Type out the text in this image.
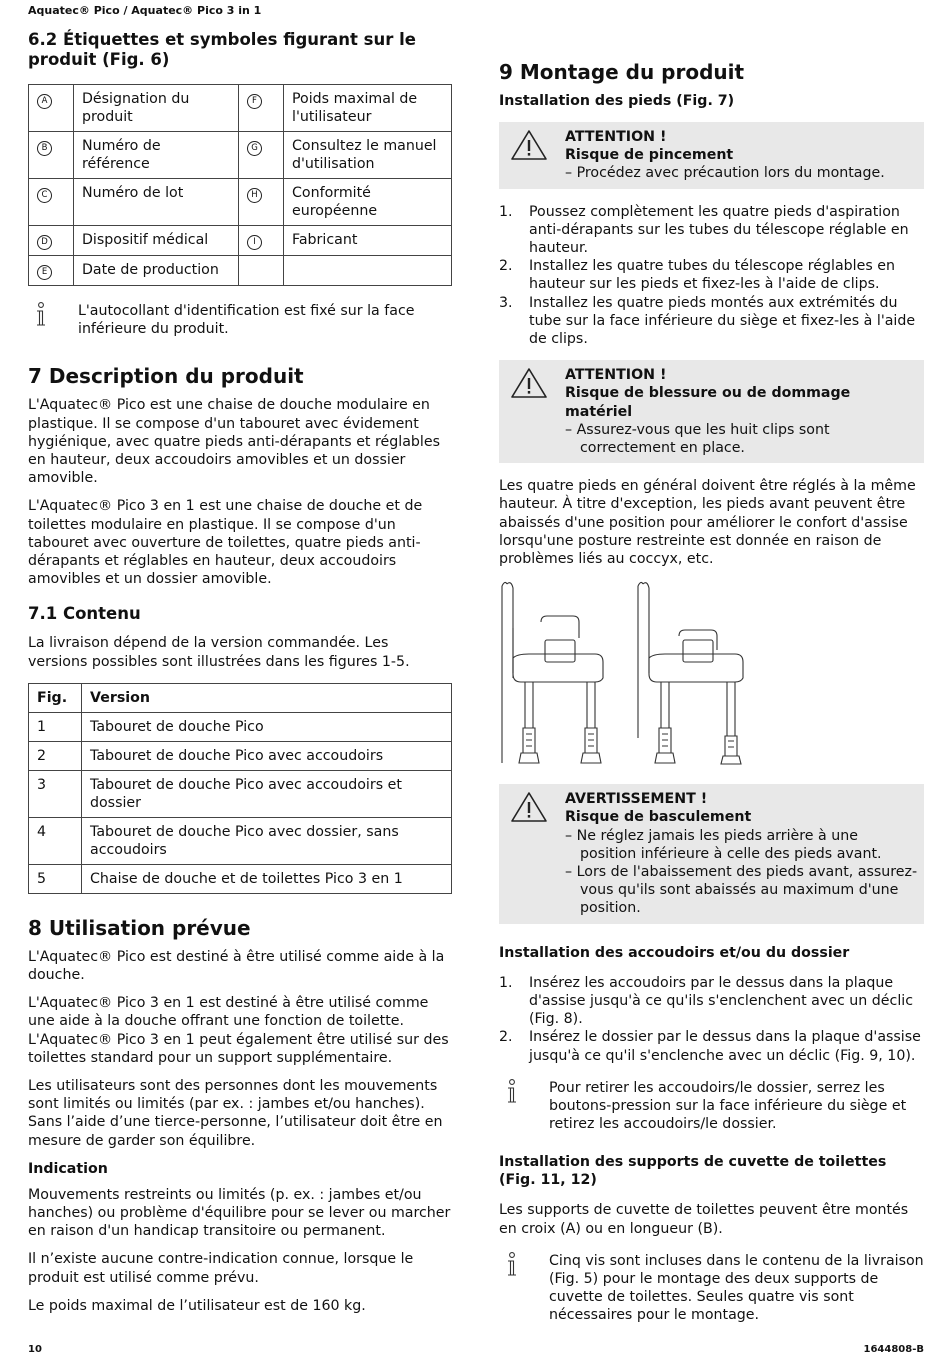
Aquatec® Pico / Aquatec® Pico 3 in 1
6.2 Étiquettes et symboles figurant sur le produit (Fig. 6)
A	Désignation du produit	F	Poids maximal de l'utilisateur
B	Numéro de référence	G	Consultez le manuel d'utilisation
C	Numéro de lot	H	Conformité européenne
D	Dispositif médical	I	Fabricant
E	Date de production		
L'autocollant d'identification est fixé sur la face inférieure du produit.
7 Description du produit

L'Aquatec® Pico est une chaise de douche modulaire en plastique. Il se compose d'un tabouret avec évidement hygiénique, avec quatre pieds anti-dérapants et réglables en hauteur, deux accoudoirs amovibles et un dossier amovible.

L'Aquatec® Pico 3 en 1 est une chaise de douche et de toilettes modulaire en plastique. Il se compose d'un tabouret avec ouverture de toilettes, quatre pieds anti-dérapants et réglables en hauteur, deux accoudoirs amovibles et un dossier amovible.

7.1 Contenu

La livraison dépend de la version commandée. Les versions possibles sont illustrées dans les figures 1-5.

Fig.	Version
1	Tabouret de douche Pico
2	Tabouret de douche Pico avec accoudoirs
3	Tabouret de douche Pico avec accoudoirs et dossier
4	Tabouret de douche Pico avec dossier, sans accoudoirs
5	Chaise de douche et de toilettes Pico 3 en 1
8 Utilisation prévue

L'Aquatec® Pico est destiné à être utilisé comme aide à la douche.

L'Aquatec® Pico 3 en 1 est destiné à être utilisé comme une aide à la douche offrant une fonction de toilette. L'Aquatec® Pico 3 en 1 peut également être utilisé sur des toilettes standard pour un support supplémentaire.

Les utilisateurs sont des personnes dont les mouvements sont limités ou limités (par ex. : jambes et/ou hanches). Sans l’aide d’une tierce-personne, l’utilisateur doit être en mesure de garder son équilibre.

Indication

Mouvements restreints ou limités (p. ex. : jambes et/ou hanches) ou problème d'équilibre pour se lever ou marcher en raison d'un handicap transitoire ou permanent.

Il n’existe aucune contre-indication connue, lorsque le produit est utilisé comme prévu.

Le poids maximal de l’utilisateur est de 160 kg.

9 Montage du produit
Installation des pieds (Fig. 7)
ATTENTION !
Risque de pincement
– Procédez avec précaution lors du montage.
1.	Poussez complètement les quatre pieds d'aspiration anti-dérapants sur les tubes du télescope réglable en hauteur.
2.	Installez les quatre tubes du télescope réglables en hauteur sur les pieds et fixez-les à l'aide de clips.
3.	Installez les quatre pieds montés aux extrémités du tube sur la face inférieure du siège et fixez-les à l'aide de clips.
ATTENTION !
Risque de blessure ou de dommage matériel
– Assurez-vous que les huit clips sont correctement en place.

Les quatre pieds en général doivent être réglés à la même hauteur. À titre d'exception, les pieds avant peuvent être abaissés d'une position pour améliorer le confort d'assise lorsqu'une posture restreinte est donnée en raison de problèmes liés au coccyx, etc.

AVERTISSEMENT !
Risque de basculement
– Ne réglez jamais les pieds arrière à une position inférieure à celle des pieds avant.
– Lors de l'abaissement des pieds avant, assurez-vous qu'ils sont abaissés au maximum d'une position.
Installation des accoudoirs et/ou du dossier
1.	Insérez les accoudoirs par le dessus dans la plaque d'assise jusqu'à ce qu'ils s'enclenchent avec un déclic (Fig. 8).
2.	Insérez le dossier par le dessus dans la plaque d'assise jusqu'à ce qu'il s'enclenche avec un déclic (Fig. 9, 10).
Pour retirer les accoudoirs/le dossier, serrez les boutons-pression sur la face inférieure du siège et retirez les accoudoirs/le dossier.
Installation des supports de cuvette de toilettes (Fig. 11, 12)

Les supports de cuvette de toilettes peuvent être montés en croix (A) ou en longueur (B).

Cinq vis sont incluses dans le contenu de la livraison (Fig. 5) pour le montage des deux supports de cuvette de toilettes. Seules quatre vis sont nécessaires pour le montage.
10	1644808-B
